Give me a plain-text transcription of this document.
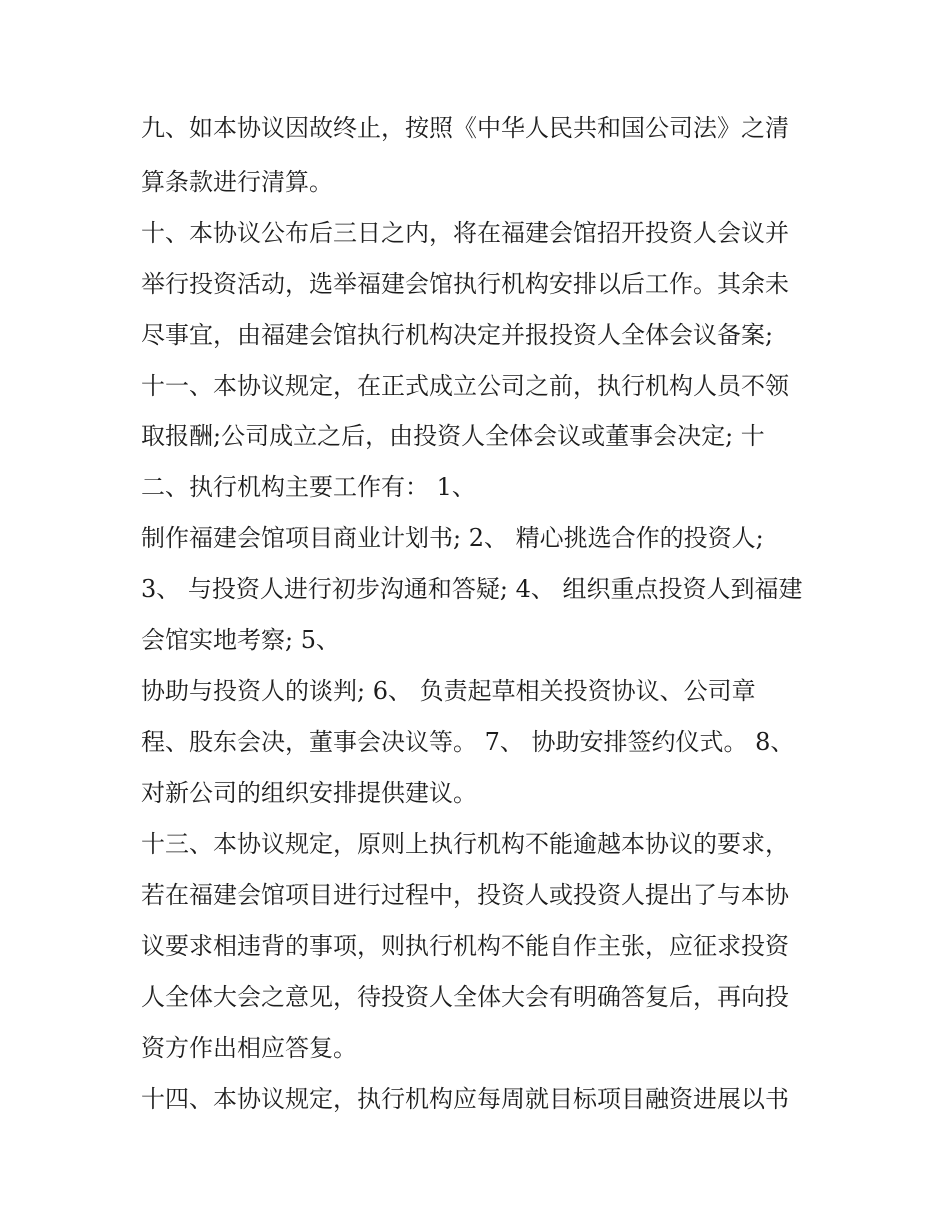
九、如本协议因故终止，按照《中华人民共和国公司法》之清
算条款进行清算。
十、本协议公布后三日之内，将在福建会馆招开投资人会议并
举行投资活动，选举福建会馆执行机构安排以后工作。其余未
尽事宜，由福建会馆执行机构决定并报投资人全体会议备案;
十一、本协议规定，在正式成立公司之前，执行机构人员不领
取报酬;公司成立之后，由投资人全体会议或董事会决定; 十
二、执行机构主要工作有： 1、
制作福建会馆项目商业计划书; 2、 精心挑选合作的投资人;
3、 与投资人进行初步沟通和答疑; 4、 组织重点投资人到福建
会馆实地考察; 5、
协助与投资人的谈判; 6、 负责起草相关投资协议、公司章
程、股东会决，董事会决议等。 7、 协助安排签约仪式。 8、
对新公司的组织安排提供建议。
十三、本协议规定，原则上执行机构不能逾越本协议的要求，
若在福建会馆项目进行过程中，投资人或投资人提出了与本协
议要求相违背的事项，则执行机构不能自作主张，应征求投资
人全体大会之意见，待投资人全体大会有明确答复后，再向投
资方作出相应答复。
十四、本协议规定，执行机构应每周就目标项目融资进展以书
